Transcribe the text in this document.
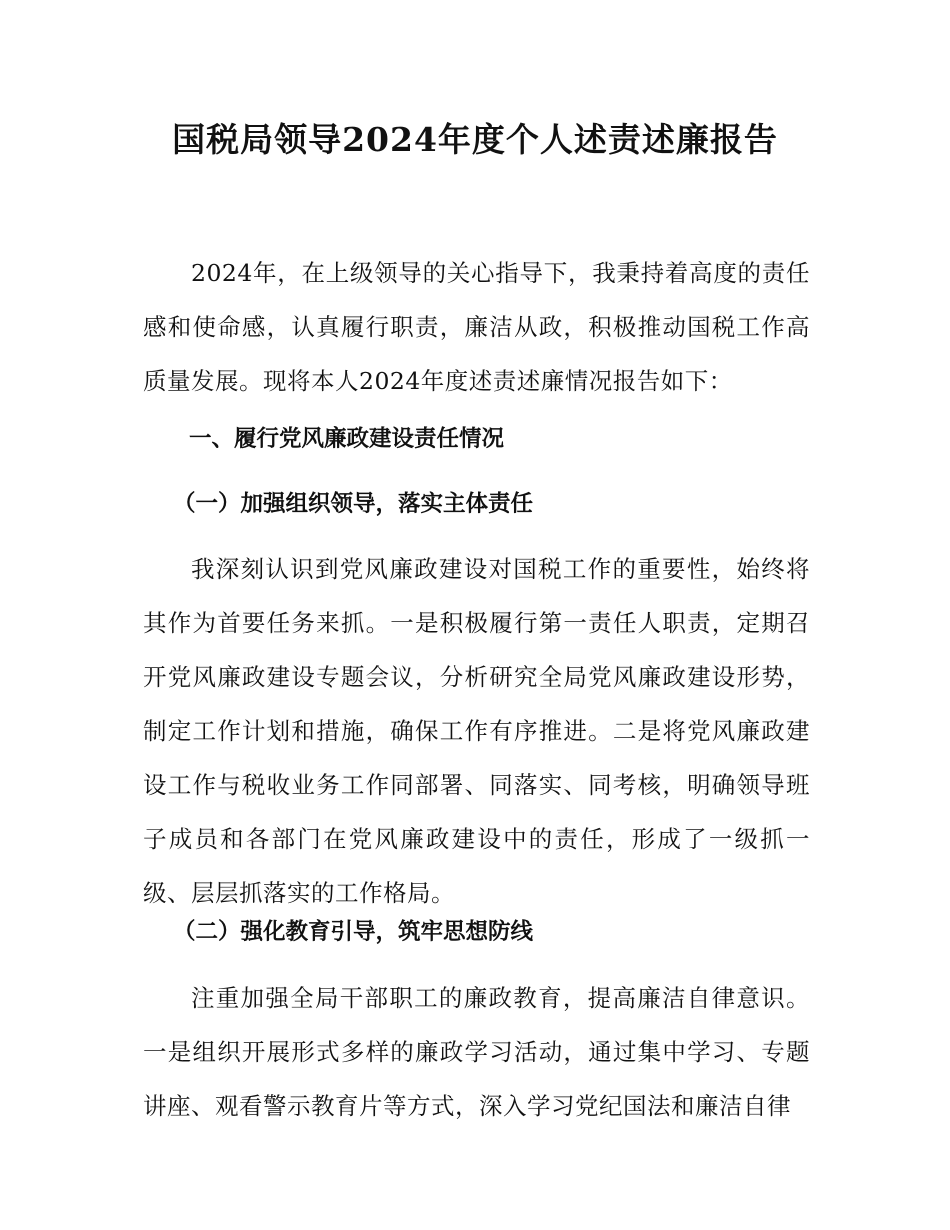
国税局领导2024年度个人述责述廉报告

2024年，在上级领导的关心指导下，我秉持着高度的责任感和使命感，认真履行职责，廉洁从政，积极推动国税工作高质量发展。现将本人2024年度述责述廉情况报告如下：

一、履行党风廉政建设责任情况
（一）加强组织领导，落实主体责任

我深刻认识到党风廉政建设对国税工作的重要性，始终将其作为首要任务来抓。一是积极履行第一责任人职责，定期召开党风廉政建设专题会议，分析研究全局党风廉政建设形势，制定工作计划和措施，确保工作有序推进。二是将党风廉政建设工作与税收业务工作同部署、同落实、同考核，明确领导班子成员和各部门在党风廉政建设中的责任，形成了一级抓一级、层层抓落实的工作格局。

（二）强化教育引导，筑牢思想防线

注重加强全局干部职工的廉政教育，提高廉洁自律意识。一是组织开展形式多样的廉政学习活动，通过集中学习、专题讲座、观看警示教育片等方式，深入学习党纪国法和廉洁自律
